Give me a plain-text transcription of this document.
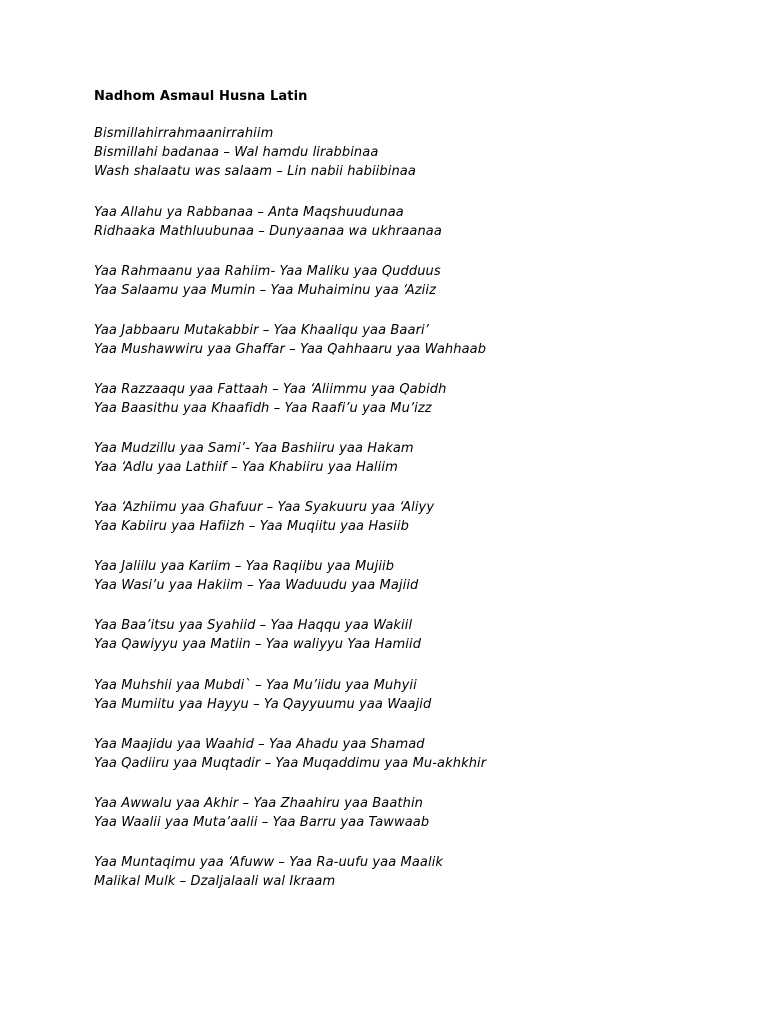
Nadhom Asmaul Husna Latin
Bismillahirrahmaanirrahiim
Bismillahi badanaa – Wal hamdu lirabbinaa
Wash shalaatu was salaam – Lin nabii habiibinaa
Yaa Allahu ya Rabbanaa – Anta Maqshuudunaa
Ridhaaka Mathluubunaa – Dunyaanaa wa ukhraanaa
Yaa Rahmaanu yaa Rahiim- Yaa Maliku yaa Qudduus
Yaa Salaamu yaa Mumin – Yaa Muhaiminu yaa ‘Aziiz
Yaa Jabbaaru Mutakabbir – Yaa Khaaliqu yaa Baari’
Yaa Mushawwiru yaa Ghaffar – Yaa Qahhaaru yaa Wahhaab
Yaa Razzaaqu yaa Fattaah – Yaa ‘Aliimmu yaa Qabidh
Yaa Baasithu yaa Khaafidh – Yaa Raafi’u yaa Mu’izz
Yaa Mudzillu yaa Sami’- Yaa Bashiiru yaa Hakam
Yaa ‘Adlu yaa Lathiif – Yaa Khabiiru yaa Haliim
Yaa ‘Azhiimu yaa Ghafuur – Yaa Syakuuru yaa ‘Aliyy
Yaa Kabiiru yaa Hafiizh – Yaa Muqiitu yaa Hasiib
Yaa Jaliilu yaa Kariim – Yaa Raqiibu yaa Mujiib
Yaa Wasi’u yaa Hakiim – Yaa Waduudu yaa Majiid
Yaa Baa’itsu yaa Syahiid – Yaa Haqqu yaa Wakiil
Yaa Qawiyyu yaa Matiin – Yaa waliyyu Yaa Hamiid
Yaa Muhshii yaa Mubdi` – Yaa Mu’iidu yaa Muhyii
Yaa Mumiitu yaa Hayyu – Ya Qayyuumu yaa Waajid
Yaa Maajidu yaa Waahid – Yaa Ahadu yaa Shamad
Yaa Qadiiru yaa Muqtadir – Yaa Muqaddimu yaa Mu-akhkhir
Yaa Awwalu yaa Akhir – Yaa Zhaahiru yaa Baathin
Yaa Waalii yaa Muta’aalii – Yaa Barru yaa Tawwaab
Yaa Muntaqimu yaa ‘Afuww – Yaa Ra-uufu yaa Maalik
Malikal Mulk – Dzaljalaali wal Ikraam
